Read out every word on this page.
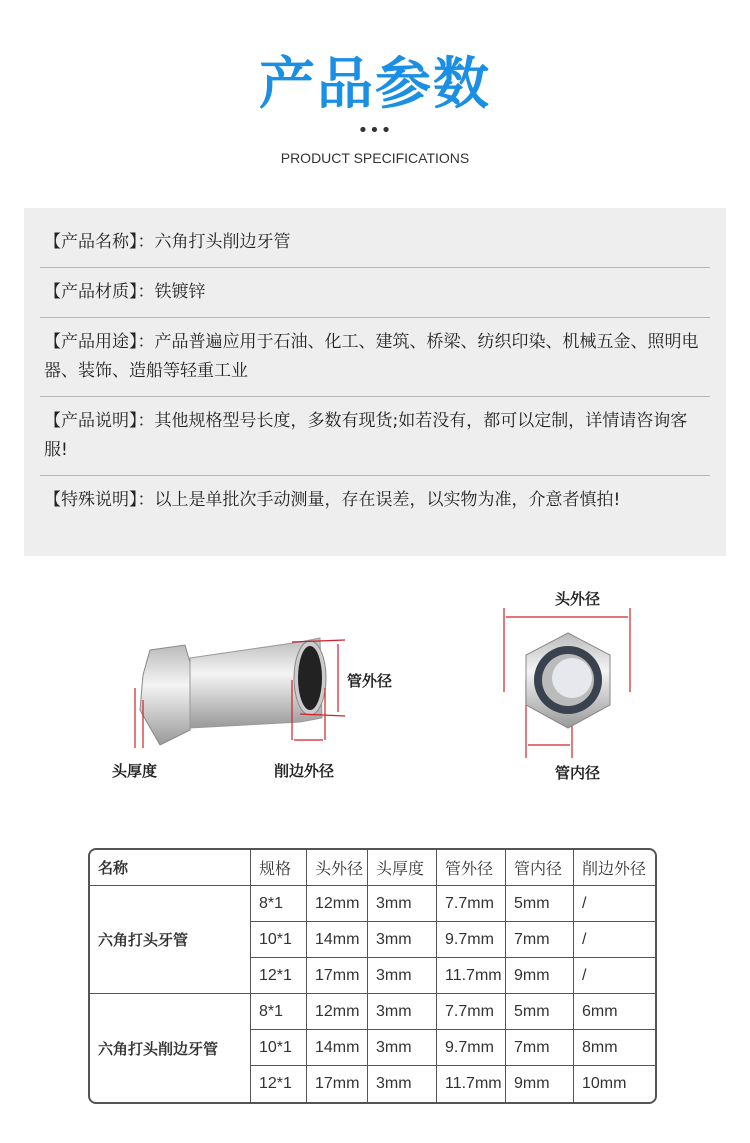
产品参数
•••
PRODUCT SPECIFICATIONS
【产品名称】：六角打头削边牙管
【产品材质】：铁镀锌
【产品用途】：产品普遍应用于石油、化工、建筑、桥梁、纺织印染、机械五金、照明电器、装饰、造船等轻重工业
【产品说明】：其他规格型号长度，多数有现货;如若没有，都可以定制，详情请咨询客服!
【特殊说明】：以上是单批次手动测量，存在误差，以实物为准，介意者慎拍!
头厚度	削边外径
管外径
头外径
管内径
名称	规格	头外径	头厚度	管外径	管内径	削边外径
六角打头牙管	8*1	12mm	3mm	7.7mm	5mm	/
	10*1	14mm	3mm	9.7mm	7mm	/
	12*1	17mm	3mm	11.7mm	9mm	/
六角打头削边牙管	8*1	12mm	3mm	7.7mm	5mm	6mm
	10*1	14mm	3mm	9.7mm	7mm	8mm
	12*1	17mm	3mm	11.7mm	9mm	10mm
